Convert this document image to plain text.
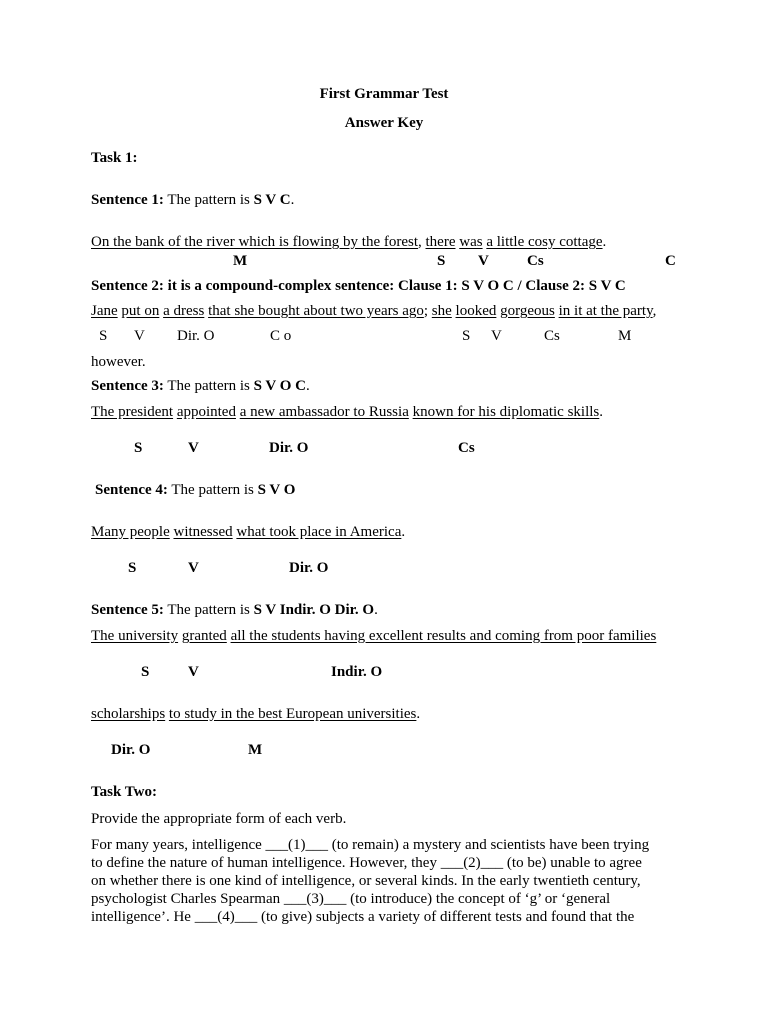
First Grammar Test
Answer Key
Task 1:
Sentence 1: The pattern is S V C.
On the bank of the river which is flowing by the forest, there was a little cosy cottage.
M	S V	Cs	C
Sentence 2: it is a compound-complex sentence: Clause 1: S V O C / Clause 2: S V C
Jane put on a dress that she bought about two years ago; she looked gorgeous in it at the party,
S V Dir. O	C o	S V	Cs	M
however.
Sentence 3: The pattern is S V O C.
The president appointed a new ambassador to Russia known for his diplomatic skills.
S	V	Dir. O	Cs
Sentence 4: The pattern is S V O
Many people witnessed what took place in America.
S	V	Dir. O
Sentence 5: The pattern is S V Indir. O Dir. O.
The university granted all the students having excellent results and coming from poor families
S	V	Indir. O
scholarships to study in the best European universities.
Dir. O	M
Task Two:
Provide the appropriate form of each verb.
For many years, intelligence ___(1)___ (to remain) a mystery and scientists have been trying
to define the nature of human intelligence. However, they ___(2)___ (to be) unable to agree
on whether there is one kind of intelligence, or several kinds. In the early twentieth century,
psychologist Charles Spearman ___(3)___ (to introduce) the concept of ‘g’ or ‘general
intelligence’. He ___(4)___ (to give) subjects a variety of different tests and found that the
